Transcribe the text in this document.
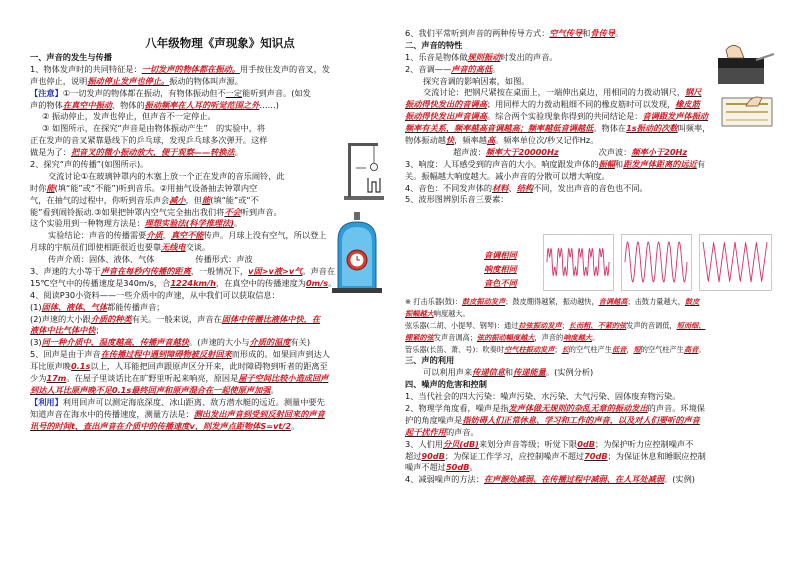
八年级物理《声现象》知识点
一、声音的发生与传播
1、物体发声时的共同特征是：一切发声的物体都在振动。用手按住发声的音叉，发
声也停止，说明振动停止发声也停止。振动的物体叫声源。
【注意】①一切发声的物体都在振动，有物体振动但不一定能听到声音。(如发
声的物体在真空中振动、物体的振动频率在人耳的听觉范围之外……)
② 振动停止，发声也停止，但声音不一定停止。
③ 如图所示，在探究“声音是由物体振动产生”　的实验中，将
正在发声的音叉紧靠悬线下的乒乓球，发现乒乓球多次弹开。这样
做是为了：把音叉的微小振动放大，便于观察——转换法。
2、探究“声的传播”(如图所示)。
交流讨论①在玻璃钟罩内的木塞上放一个正在发声的音乐闹铃，此
时你能(填“能”或“不能”)听到音乐。②用抽气设备抽去钟罩内空
气，在抽气的过程中，你听到音乐声会减小，但能(填“能”或“不
能”看到闹铃振动.③如果把钟罩内空气完全抽出我们将不会听到声音。
这个实验用到一种物理方法是：理想实验法(科学推理法)。
实验结论：声音的传播需要介质，真空不能传声。月球上没有空气，所以登上
月球的宇航员们即使相距很近也要靠无线电交谈。
传声介质：固体、液体、气体　　　　　传播形式：声波
3、声速的大小等于声音在每秒内传播的距离，一般情况下，v固>v液>v气。声音在
15℃空气中的传播速度是340m/s，合1224km/h，在真空中的传播速度为0m/s。
4、阅读P30小资料——一些介质中的声速，从中我们可以获取信息：
(1)固体、液体、气体都能传播声音；
(2)声速的大小跟介质的种类有关。一般来说，声音在固体中传播比液体中快，在
液体中比气体中快；
(3)同一种介质中，温度越高，传播声音越快。(声速的大小与介质的温度有关)
5、回声是由于声音在传播过程中遇到障碍物被反射回来而形成的。如果回声到达人
耳比原声晚0.1s以上，人耳能把回声跟原声区分开来，此时障碍物到听者的距离至
少为17m。在屋子里谈话比在旷野里听起来响亮，原因是屋子空间比较小造成回声
到达人耳比原声晚不足0.1s最终回声和原声混合在一起使原声加强。
【利用】利用回声可以测定海底深度、冰山距离、敌方潜水艇的远近。测量中要先
知道声音在海水中的传播速度，测量方法是：测出发出声音到受到反射回来的声音
讯号的时间t，查出声音在介质中的传播速度v，则发声点距物体S=vt/2。
6、我们平常听到声音的两种传导方式：空气传导和骨传导。
二、声音的特性
1、乐音是物体做规则振动时发出的声音。
2、音调——声音的高低。
探究音调的影响因素，如图。
交流讨论：把钢尺紧按在桌面上，一端伸出桌边，用相同的力拨动钢尺，钢尺
振动得快发出的音调高；用同样大的力拨动粗细不同的橡皮筋时可以发现，橡皮筋
振动得快发出声音调高。综合两个实验现象你得到的共同结论是：音调跟发声体振动
频率有关系，频率越高音调越高；频率越低音调越低。物体在1s振动的次数叫频率，
物体振动越快，频率越高。频率单位次/秒又记作Hz。
超声波：频率大于20000Hz	次声波：频率小于20Hz
3、响度：人耳感受到的声音的大小。响度跟发声体的振幅和距发声体距离的远近有
关。振幅越大响度越大。减小声音的分散可以增大响度。
4、音色：不同发声体的材料、结构不同，发出声音的音色也不同。
5、波形图辨别乐音三要素：
音调相同
响度相同
音色不同
※ 打击乐器(鼓)：鼓皮振动发声；鼓皮绷得越紧，振动越快，音调越高；击鼓力量越大，鼓皮
振幅越大响度越大。
弦乐器(二胡、小提琴、钢琴)：通过拉弦振动发声；长而粗、不紧的弦发声的音调低，短而细、
绷紧的弦发声音调高；弦的振动幅度越大，声音的响度越大。
管乐器(长笛、萧、号)：吹奏时空气柱振动发声；长的空气柱产生低音，短的空气柱产生高音。
三、声的利用
可以利用声来传递信息和传递能量。(实例分析)
四、噪声的危害和控制
1、当代社会的四大污染：噪声污染、水污染、大气污染、固体废弃物污染。
2、物理学角度看，噪声是指发声体做无规则的杂乱无章的振动发出的声音。环境保
护的角度噪声是指妨碍人们正常休息、学习和工作的声音，以及对人们要听的声音
起干扰作用的声音。
3、人们用分贝(dB)来划分声音等级；听觉下限0dB；为保护听力应控制噪声不
超过90dB；为保证工作学习，应控制噪声不超过70dB；为保证休息和睡眠应控制
噪声不超过50dB。
4、减弱噪声的方法：在声源处减弱、在传播过程中减弱、在人耳处减弱。(实例)
